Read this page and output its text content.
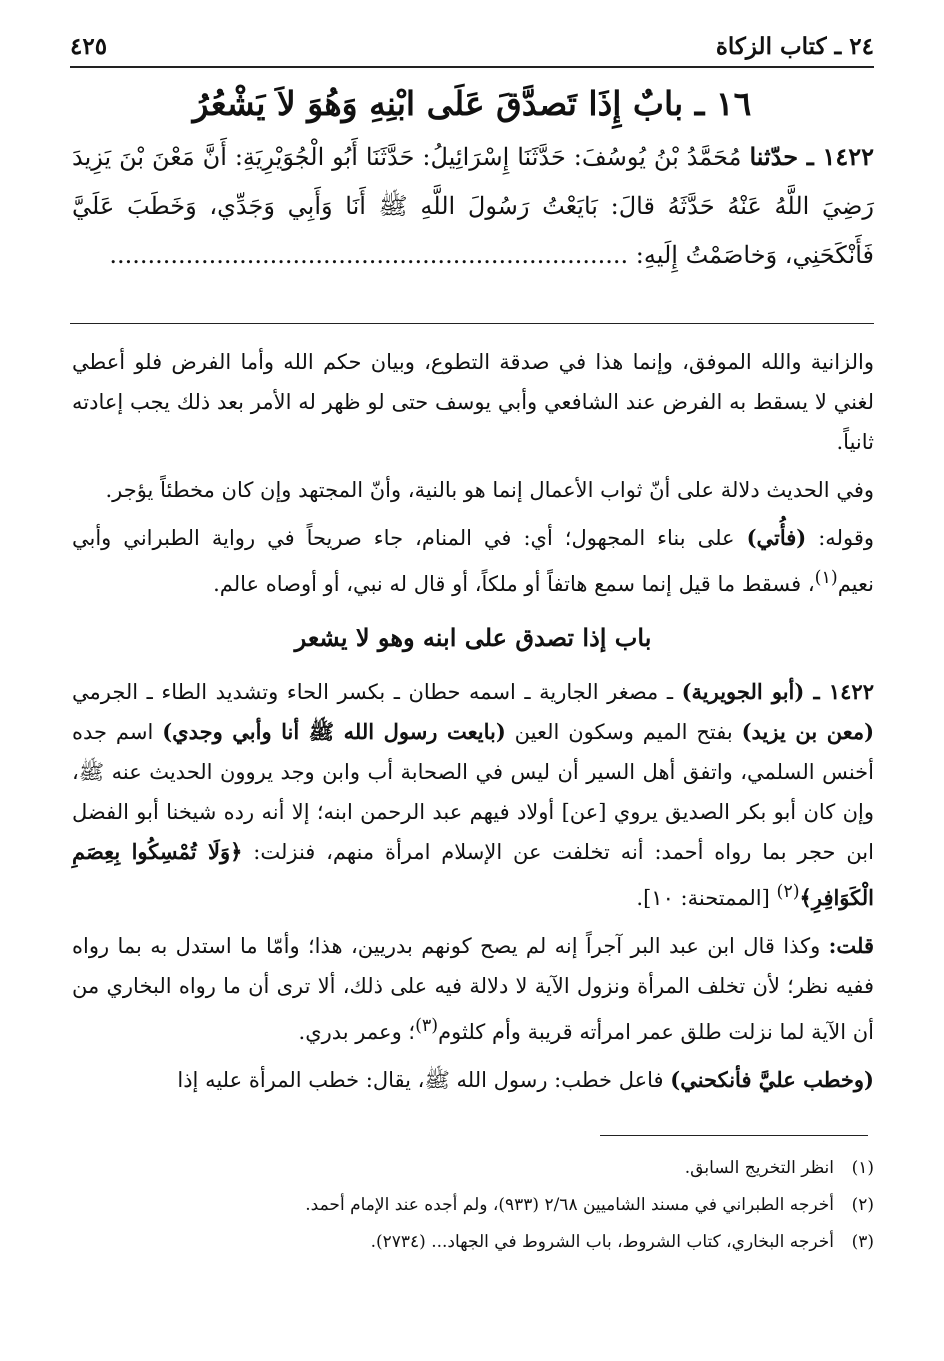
٤٢٥	٢٤ ـ كتاب الزكاة
١٦ ـ بابٌ إِذَا تَصدَّقَ عَلَى ابْنِهِ وَهُوَ لاَ يَشْعُرُ
١٤٢٢ ـ حدّثنا مُحَمَّدُ بْنُ يُوسُفَ: حَدَّثَنَا إِسْرَائِيلُ: حَدَّثَنَا أَبُو الْجُوَيْرِيَةِ: أَنَّ مَعْنَ بْنَ يَزِيدَ رَضِيَ اللَّهُ عَنْهُ حَدَّثَهُ قالَ: بَايَعْتُ رَسُولَ اللَّهِ ﷺ أَنَا وَأَبِي وَجَدِّي، وَخَطَبَ عَلَيَّ فَأَنْكَحَنِي، وَخاصَمْتُ إِلَيهِ: ....................................................................

والزانية والله الموفق، وإنما هذا في صدقة التطوع، وبيان حكم الله وأما الفرض فلو أعطي لغني لا يسقط به الفرض عند الشافعي وأبي يوسف حتى لو ظهر له الأمر بعد ذلك يجب إعادته ثانياً.

وفي الحديث دلالة على أنّ ثواب الأعمال إنما هو بالنية، وأنّ المجتهد وإن كان مخطئاً يؤجر.

وقوله: (فأُتي) على بناء المجهول؛ أي: في المنام، جاء صريحاً في رواية الطبراني وأبي نعيم$^{(١)}$، فسقط ما قيل إنما سمع هاتفاً أو ملكاً، أو قال له نبي، أو أوصاه عالم.

باب إذا تصدق على ابنه وهو لا يشعر

١٤٢٢ ـ (أبو الجويرية) ـ مصغر الجارية ـ اسمه حطان ـ بكسر الحاء وتشديد الطاء ـ الجرمي (معن بن يزيد) بفتح الميم وسكون العين (بايعت رسول الله ﷺ أنا وأبي وجدي) اسم جده أخنس السلمي، واتفق أهل السير أن ليس في الصحابة أب وابن وجد يروون الحديث عنه ﷺ، وإن كان أبو بكر الصديق يروي [عن] أولاد فيهم عبد الرحمن ابنه؛ إلا أنه رده شيخنا أبو الفضل ابن حجر بما رواه أحمد: أنه تخلفت عن الإسلام امرأة منهم، فنزلت: ﴿وَلَا تُمْسِكُوا بِعِصَمِ الْكَوَافِرِ﴾$^{(٢)}$ [الممتحنة: ١٠].

قلت: وكذا قال ابن عبد البر آجراً إنه لم يصح كونهم بدريين، هذا؛ وأمّا ما استدل به بما رواه ففيه نظر؛ لأن تخلف المرأة ونزول الآية لا دلالة فيه على ذلك، ألا ترى أن ما رواه البخاري من أن الآية لما نزلت طلق عمر امرأته قريبة وأم كلثوم$^{(٣)}$؛ وعمر بدري.

(وخطب عليَّ فأنكحني) فاعل خطب: رسول الله ﷺ، يقال: خطب المرأة عليه إذا

(١)
انظر التخريج السابق.
(٢)
أخرجه الطبراني في مسند الشاميين ٢/٦٨ (٩٣٣)، ولم أجده عند الإمام أحمد.
(٣)
أخرجه البخاري، كتاب الشروط، باب الشروط في الجهاد... (٢٧٣٤).
